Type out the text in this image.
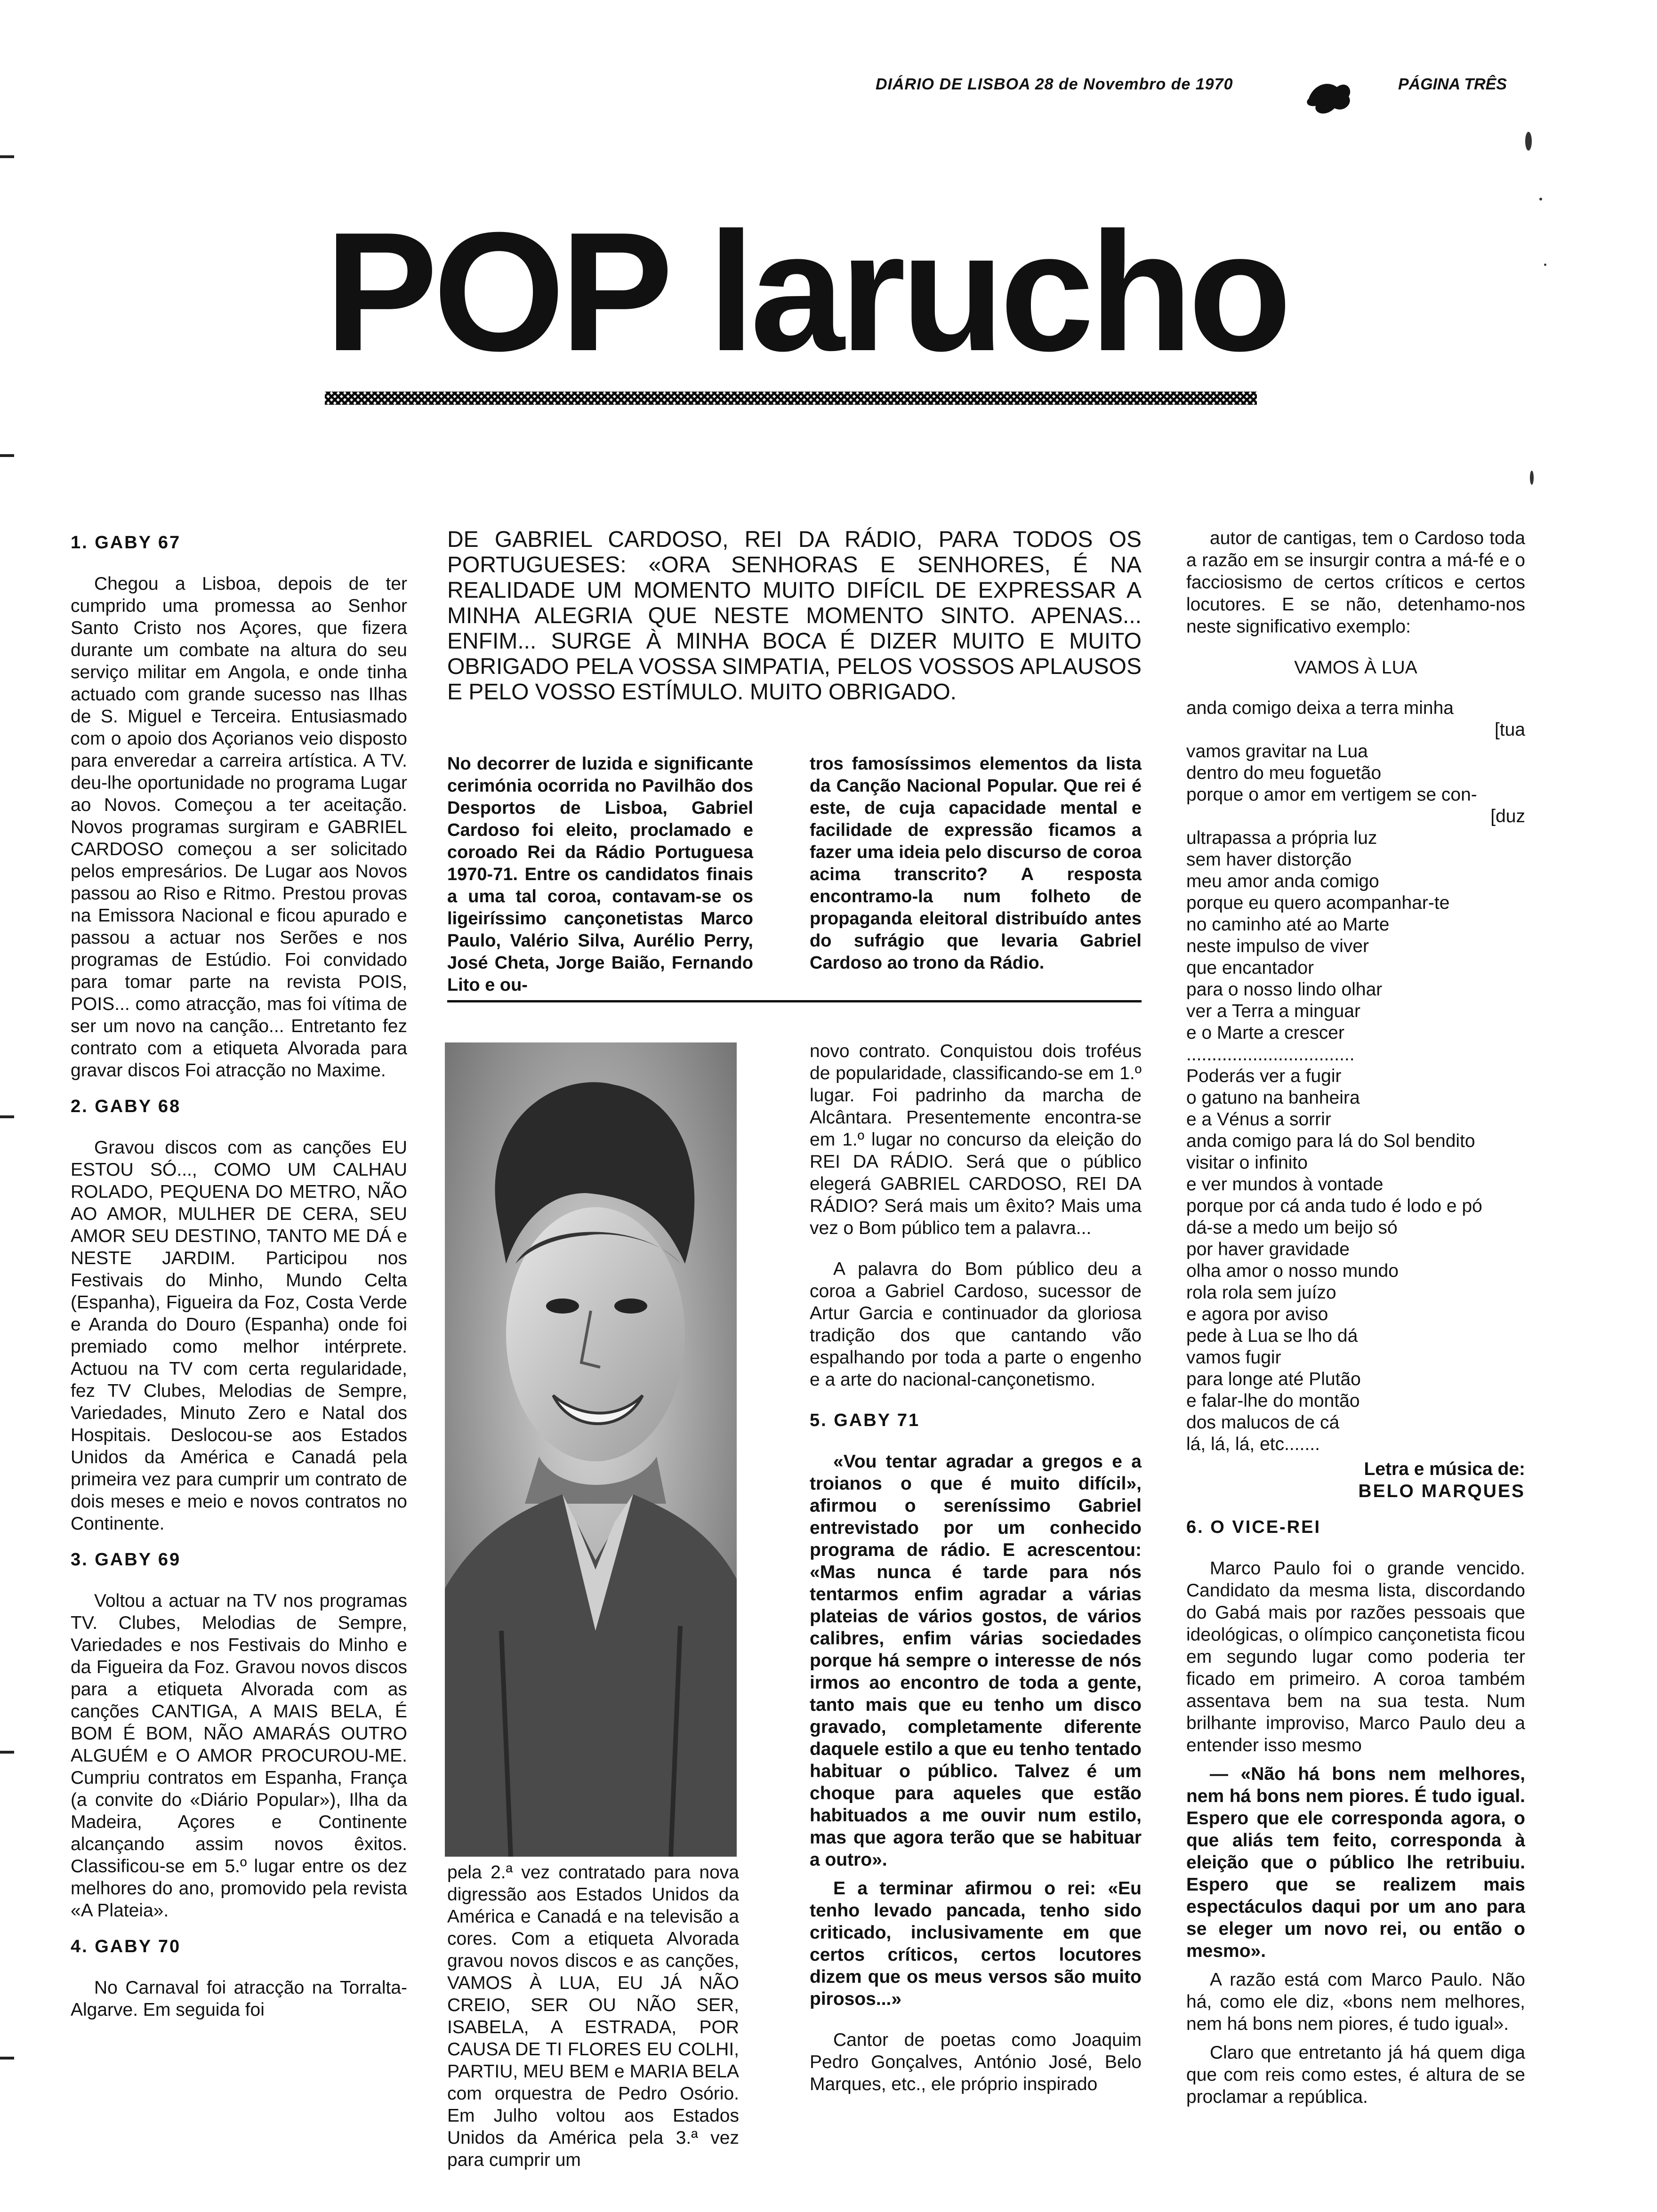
DIÁRIO DE LISBOA 28 de Novembro de 1970	PÁGINA TRÊS
POP larucho
1. GABY 67

Chegou a Lisboa, depois de ter cumprido uma promessa ao Senhor Santo Cristo nos Açores, que fizera durante um combate na altura do seu serviço militar em Angola, e onde tinha actuado com grande sucesso nas Ilhas de S. Miguel e Terceira. Entusiasmado com o apoio dos Açorianos veio disposto para enveredar a carreira artística. A TV. deu-lhe oportunidade no programa Lugar ao Novos. Começou a ter aceitação. Novos programas surgiram e GABRIEL CARDOSO começou a ser solicitado pelos empresários. De Lugar aos Novos passou ao Riso e Ritmo. Prestou provas na Emissora Nacional e ficou apurado e passou a actuar nos Serões e nos programas de Estúdio. Foi convidado para tomar parte na revista POIS, POIS... como atracção, mas foi vítima de ser um novo na canção... Entretanto fez contrato com a etiqueta Alvorada para gravar discos Foi atracção no Maxime.

2. GABY 68

Gravou discos com as canções EU ESTOU SÓ..., COMO UM CALHAU ROLADO, PEQUENA DO METRO, NÃO AO AMOR, MULHER DE CERA, SEU AMOR SEU DESTINO, TANTO ME DÁ e NESTE JARDIM. Participou nos Festivais do Minho, Mundo Celta (Espanha), Figueira da Foz, Costa Verde e Aranda do Douro (Espanha) onde foi premiado como melhor intérprete. Actuou na TV com certa regularidade, fez TV Clubes, Melodias de Sempre, Variedades, Minuto Zero e Natal dos Hospitais. Deslocou-se aos Estados Unidos da América e Canadá pela primeira vez para cumprir um contrato de dois meses e meio e novos contratos no Continente.

3. GABY 69

Voltou a actuar na TV nos programas TV. Clubes, Melodias de Sempre, Variedades e nos Festivais do Minho e da Figueira da Foz. Gravou novos discos para a etiqueta Alvorada com as canções CANTIGA, A MAIS BELA, É BOM É BOM, NÃO AMARÁS OUTRO ALGUÉM e O AMOR PROCUROU-ME. Cumpriu contratos em Espanha, França (a convite do «Diário Popular»), Ilha da Madeira, Açores e Continente alcançando assim novos êxitos. Classificou-se em 5.º lugar entre os dez melhores do ano, promovido pela revista «A Plateia».

4. GABY 70

No Carnaval foi atracção na Torralta-Algarve. Em seguida foi

DE GABRIEL CARDOSO, REI DA RÁDIO, PARA TODOS OS PORTUGUESES: «ORA SENHORAS E SENHORES, É NA REALIDADE UM MOMENTO MUITO DIFÍCIL DE EXPRESSAR A MINHA ALEGRIA QUE NESTE MOMENTO SINTO. APENAS... ENFIM... SURGE À MINHA BOCA É DIZER MUITO E MUITO OBRIGADO PELA VOSSA SIMPATIA, PELOS VOSSOS APLAUSOS E PELO VOSSO ESTÍMULO. MUITO OBRIGADO.
No decorrer de luzida e significante cerimónia ocorrida no Pavilhão dos Desportos de Lisboa, Gabriel Cardoso foi eleito, proclamado e coroado Rei da Rádio Portuguesa 1970-71. Entre os candidatos finais a uma tal coroa, contavam-se os ligeiríssimo cançonetistas Marco Paulo, Valério Silva, Aurélio Perry, José Cheta, Jorge Baião, Fernando Lito e ou-
tros famosíssimos elementos da lista da Canção Nacional Popular. Que rei é este, de cuja capacidade mental e facilidade de expressão ficamos a fazer uma ideia pelo discurso de coroa acima transcrito? A resposta encontramo-la num folheto de propaganda eleitoral distribuído antes do sufrágio que levaria Gabriel Cardoso ao trono da Rádio.

pela 2.ª vez contratado para nova digressão aos Estados Unidos da América e Canadá e na televisão a cores. Com a etiqueta Alvorada gravou novos discos e as canções, VAMOS À LUA, EU JÁ NÃO CREIO, SER OU NÃO SER, ISABELA, A ESTRADA, POR CAUSA DE TI FLORES EU COLHI, PARTIU, MEU BEM e MARIA BELA com orquestra de Pedro Osório. Em Julho voltou aos Estados Unidos da América pela 3.ª vez para cumprir um

novo contrato. Conquistou dois troféus de popularidade, classificando-se em 1.º lugar. Foi padrinho da marcha de Alcântara. Presentemente encontra-se em 1.º lugar no concurso da eleição do REI DA RÁDIO. Será que o público elegerá GABRIEL CARDOSO, REI DA RÁDIO? Será mais um êxito? Mais uma vez o Bom público tem a palavra...

A palavra do Bom público deu a coroa a Gabriel Cardoso, sucessor de Artur Garcia e continuador da gloriosa tradição dos que cantando vão espalhando por toda a parte o engenho e a arte do nacional-cançonetismo.

5. GABY 71

«Vou tentar agradar a gregos e a troianos o que é muito difícil», afirmou o sereníssimo Gabriel entrevistado por um conhecido programa de rádio. E acrescentou: «Mas nunca é tarde para nós tentarmos enfim agradar a várias plateias de vários gostos, de vários calibres, enfim várias sociedades porque há sempre o interesse de nós irmos ao encontro de toda a gente, tanto mais que eu tenho um disco gravado, completamente diferente daquele estilo a que eu tenho tentado habituar o público. Talvez é um choque para aqueles que estão habituados a me ouvir num estilo, mas que agora terão que se habituar a outro».

E a terminar afirmou o rei: «Eu tenho levado pancada, tenho sido criticado, inclusivamente em que certos críticos, certos locutores dizem que os meus versos são muito pirosos...»

Cantor de poetas como Joaquim Pedro Gonçalves, António José, Belo Marques, etc., ele próprio inspirado

autor de cantigas, tem o Cardoso toda a razão em se insurgir contra a má-fé e o facciosismo de certos críticos e certos locutores. E se não, detenhamo-nos neste significativo exemplo:

VAMOS À LUA
anda comigo deixa a terra minha
[tua
vamos gravitar na Lua
dentro do meu foguetão
porque o amor em vertigem se con-
[duz
ultrapassa a própria luz
sem haver distorção
meu amor anda comigo
porque eu quero acompanhar-te
no caminho até ao Marte
neste impulso de viver
que encantador
para o nosso lindo olhar
ver a Terra a minguar
e o Marte a crescer
.................................
Poderás ver a fugir
o gatuno na banheira
e a Vénus a sorrir
anda comigo para lá do Sol bendito
visitar o infinito
e ver mundos à vontade
porque por cá anda tudo é lodo e pó
dá-se a medo um beijo só
por haver gravidade
olha amor o nosso mundo
rola rola sem juízo
e agora por aviso
pede à Lua se lho dá
vamos fugir
para longe até Plutão
e falar-lhe do montão
dos malucos de cá
lá, lá, lá, etc.......
Letra e música de:
BELO MARQUES
6. O VICE-REI

Marco Paulo foi o grande vencido. Candidato da mesma lista, discordando do Gabá mais por razões pessoais que ideológicas, o olímpico cançonetista ficou em segundo lugar como poderia ter ficado em primeiro. A coroa também assentava bem na sua testa. Num brilhante improviso, Marco Paulo deu a entender isso mesmo

— «Não há bons nem melhores, nem há bons nem piores. É tudo igual. Espero que ele corresponda agora, o que aliás tem feito, corresponda à eleição que o público lhe retribuiu. Espero que se realizem mais espectáculos daqui por um ano para se eleger um novo rei, ou então o mesmo».

A razão está com Marco Paulo. Não há, como ele diz, «bons nem melhores, nem há bons nem piores, é tudo igual».

Claro que entretanto já há quem diga que com reis como estes, é altura de se proclamar a república.
